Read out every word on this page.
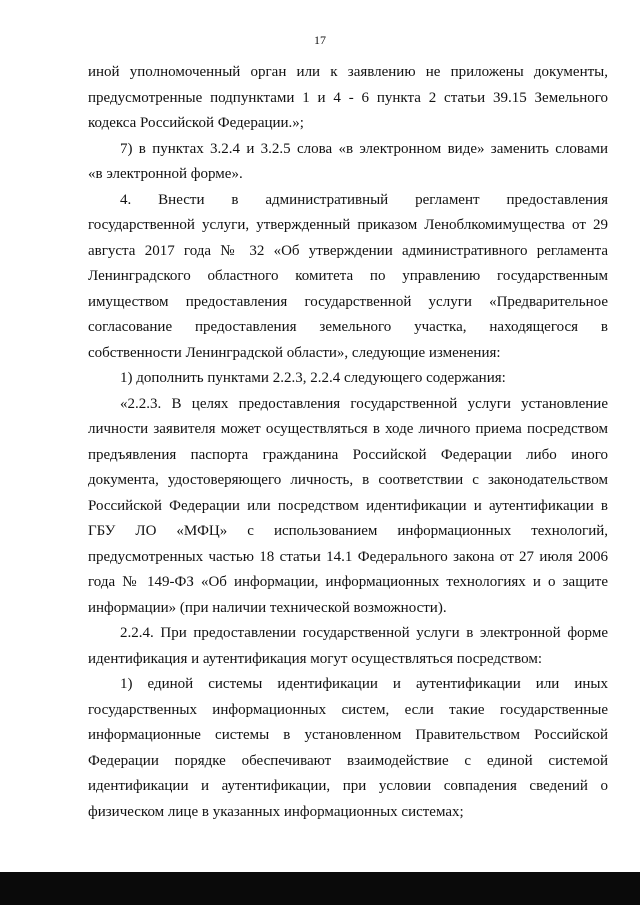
17
иной уполномоченный орган или к заявлению не приложены документы,
предусмотренные подпунктами 1 и 4 - 6 пункта 2 статьи 39.15 Земельного
кодекса Российской Федерации.»;
7) в пунктах 3.2.4 и 3.2.5 слова «в электронном виде» заменить словами
«в электронной форме».
4. Внести в административный регламент предоставления
государственной услуги, утвержденный приказом Леноблкомимущества от 29
августа 2017 года № 32 «Об утверждении административного регламента
Ленинградского областного комитета по управлению государственным
имуществом предоставления государственной услуги «Предварительное
согласование предоставления земельного участка, находящегося в
собственности Ленинградской области», следующие изменения:
1) дополнить пунктами 2.2.3, 2.2.4 следующего содержания:
«2.2.3. В целях предоставления государственной услуги установление
личности заявителя может осуществляться в ходе личного приема посредством
предъявления паспорта гражданина Российской Федерации либо иного
документа, удостоверяющего личность, в соответствии с законодательством
Российской Федерации или посредством идентификации и аутентификации в
ГБУ ЛО «МФЦ» с использованием информационных технологий,
предусмотренных частью 18 статьи 14.1 Федерального закона от 27 июля 2006
года № 149-ФЗ «Об информации, информационных технологиях и о защите
информации» (при наличии технической возможности).
2.2.4. При предоставлении государственной услуги в электронной форме
идентификация и аутентификация могут осуществляться посредством:
1) единой системы идентификации и аутентификации или иных
государственных информационных систем, если такие государственные
информационные системы в установленном Правительством Российской
Федерации порядке обеспечивают взаимодействие с единой системой
идентификации и аутентификации, при условии совпадения сведений о
физическом лице в указанных информационных системах;
